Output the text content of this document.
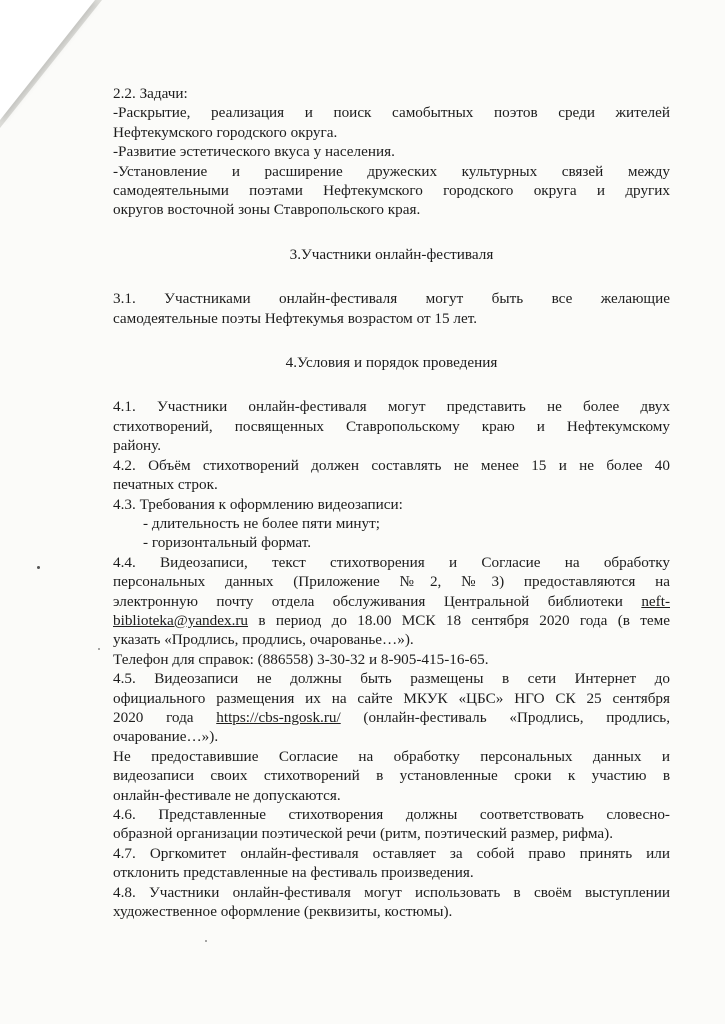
2.2. Задачи:

-Раскрытие, реализация и поиск самобытных поэтов среди жителей

Нефтекумского городского округа.

-Развитие эстетического вкуса у населения.

-Установление и расширение дружеских культурных связей между

самодеятельными поэтами Нефтекумского городского округа и других

округов восточной зоны Ставропольского края.

3.Участники онлайн-фестиваля

3.1. Участниками онлайн-фестиваля могут быть все желающие

самодеятельные поэты Нефтекумья возрастом от 15 лет.

4.Условия и порядок проведения

4.1. Участники онлайн-фестиваля могут представить не более двух

стихотворений, посвященных Ставропольскому краю и Нефтекумскому

району.

4.2. Объём стихотворений должен составлять не менее 15 и не более 40

печатных строк.

4.3. Требования к оформлению видеозаписи:

- длительность не более пяти минут;

- горизонтальный формат.

4.4. Видеозаписи, текст стихотворения и Согласие на обработку

персональных данных (Приложение №2, №3) предоставляются на

электронную почту отдела обслуживания Центральной библиотеки neft-

biblioteka@yandex.ru в период до 18.00 МСК 18 сентября 2020 года (в теме

указать «Продлись, продлись, очарованье…»).

Телефон для справок: (886558) 3-30-32 и 8-905-415-16-65.

4.5. Видеозаписи не должны быть размещены в сети Интернет до

официального размещения их на сайте МКУК «ЦБС» НГО СК 25 сентября

2020 года https://cbs-ngosk.ru/ (онлайн-фестиваль «Продлись, продлись,

очарование…»).

Не предоставившие Согласие на обработку персональных данных и

видеозаписи своих стихотворений в установленные сроки к участию в

онлайн-фестивале не допускаются.

4.6. Представленные стихотворения должны соответствовать словесно-

образной организации поэтической речи (ритм, поэтический размер, рифма).

4.7. Оргкомитет онлайн-фестиваля оставляет за собой право принять или

отклонить представленные на фестиваль произведения.

4.8. Участники онлайн-фестиваля могут использовать в своём выступлении

художественное оформление (реквизиты, костюмы).
